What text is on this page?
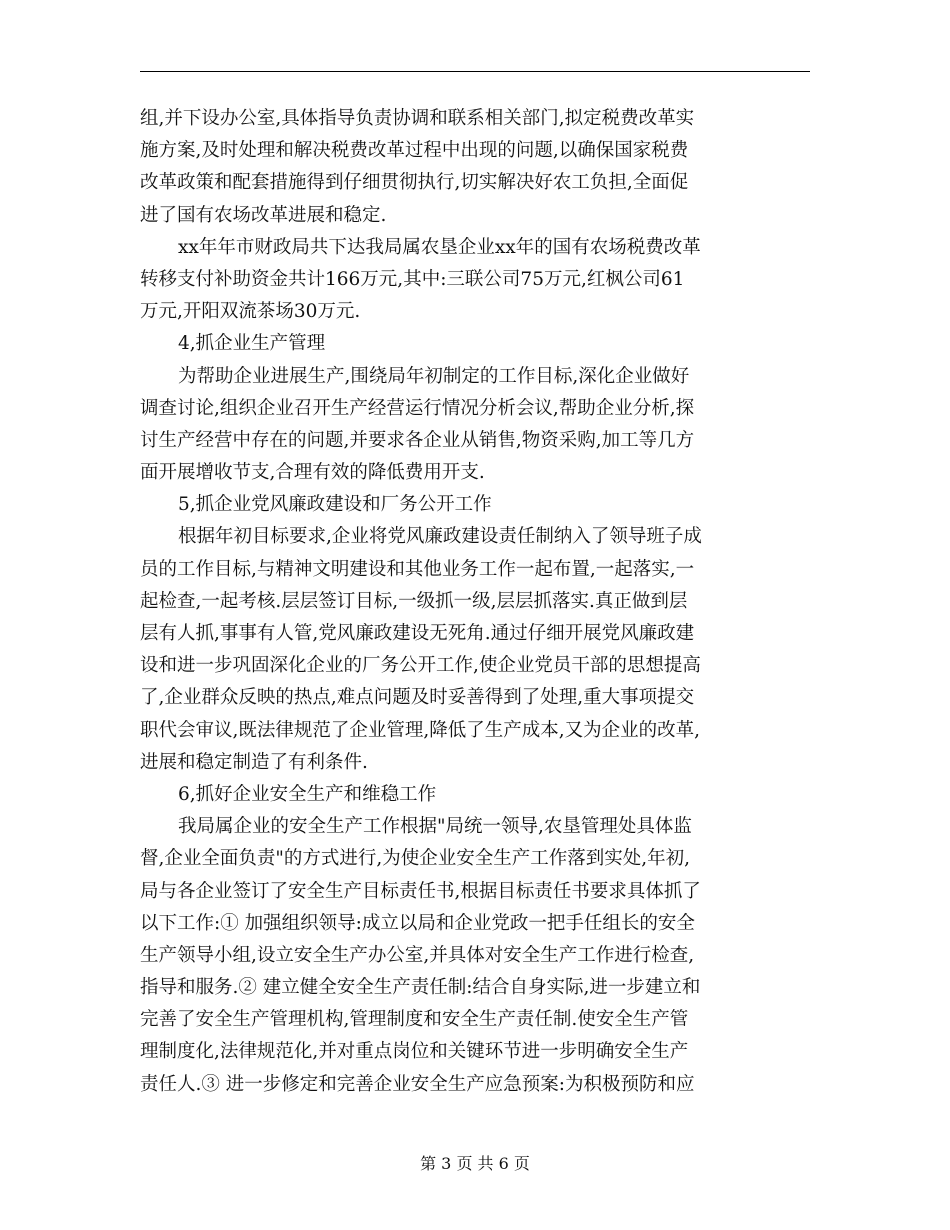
组,并下设办公室,具体指导负责协调和联系相关部门,拟定税费改革实
施方案,及时处理和解决税费改革过程中出现的问题,以确保国家税费
改革政策和配套措施得到仔细贯彻执行,切实解决好农工负担,全面促
进了国有农场改革进展和稳定.
xx年年市财政局共下达我局属农垦企业xx年的国有农场税费改革
转移支付补助资金共计166万元,其中:三联公司75万元,红枫公司61
万元,开阳双流茶场30万元.
4,抓企业生产管理
为帮助企业进展生产,围绕局年初制定的工作目标,深化企业做好
调查讨论,组织企业召开生产经营运行情况分析会议,帮助企业分析,探
讨生产经营中存在的问题,并要求各企业从销售,物资采购,加工等几方
面开展增收节支,合理有效的降低费用开支.
5,抓企业党风廉政建设和厂务公开工作
根据年初目标要求,企业将党风廉政建设责任制纳入了领导班子成
员的工作目标,与精神文明建设和其他业务工作一起布置,一起落实,一
起检查,一起考核.层层签订目标,一级抓一级,层层抓落实.真正做到层
层有人抓,事事有人管,党风廉政建设无死角.通过仔细开展党风廉政建
设和进一步巩固深化企业的厂务公开工作,使企业党员干部的思想提高
了,企业群众反映的热点,难点问题及时妥善得到了处理,重大事项提交
职代会审议,既法律规范了企业管理,降低了生产成本,又为企业的改革,
进展和稳定制造了有利条件.
6,抓好企业安全生产和维稳工作
我局属企业的安全生产工作根据"局统一领导,农垦管理处具体监
督,企业全面负责"的方式进行,为使企业安全生产工作落到实处,年初,
局与各企业签订了安全生产目标责任书,根据目标责任书要求具体抓了
以下工作:① 加强组织领导:成立以局和企业党政一把手任组长的安全
生产领导小组,设立安全生产办公室,并具体对安全生产工作进行检查,
指导和服务.② 建立健全安全生产责任制:结合自身实际,进一步建立和
完善了安全生产管理机构,管理制度和安全生产责任制.使安全生产管
理制度化,法律规范化,并对重点岗位和关键环节进一步明确安全生产
责任人.③ 进一步修定和完善企业安全生产应急预案:为积极预防和应
第 3 页 共 6 页
